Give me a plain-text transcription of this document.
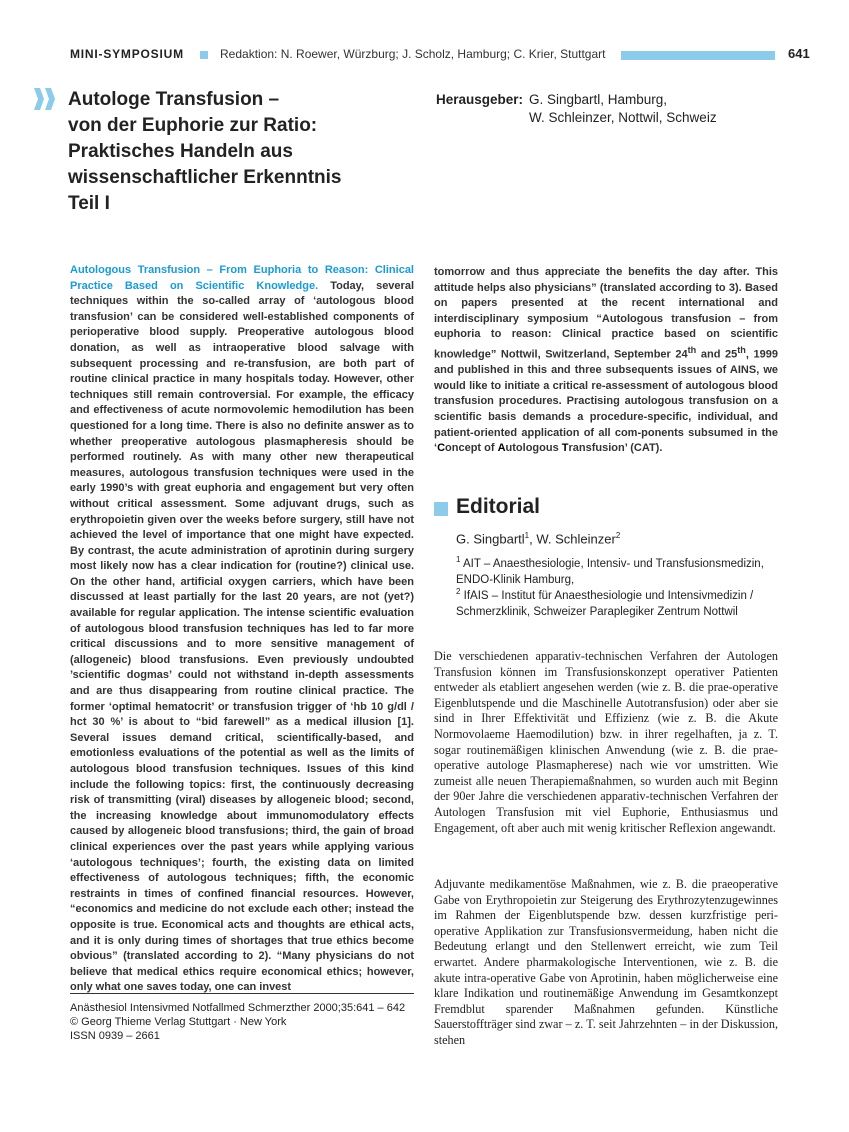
MINI-SYMPOSIUM	Redaktion: N. Roewer, Würzburg; J. Scholz, Hamburg; C. Krier, Stuttgart	641
Autologe Transfusion –
von der Euphorie zur Ratio:
Praktisches Handeln aus
wissenschaftlicher Erkenntnis
Teil I
Herausgeber: G. Singbartl, Hamburg,
W. Schleinzer, Nottwil, Schweiz

Autologous Transfusion – From Euphoria to Reason: Clinical Practice Based on Scientific Knowledge. Today, several techniques within the so-called array of ‘autologous blood transfusion’ can be considered well-established components of perioperative blood supply. Preoperative autologous blood donation, as well as intraoperative blood salvage with subsequent processing and re-transfusion, are both part of routine clinical practice in many hospitals today. However, other techniques still remain controversial. For example, the efficacy and effectiveness of acute normovolemic hemodilution has been questioned for a long time. There is also no definite answer as to whether preoperative autologous plasmapheresis should be performed routinely. As with many other new therapeutical measures, autologous transfusion techniques were used in the early 1990’s with great euphoria and engagement but very often without critical assessment. Some adjuvant drugs, such as erythropoietin given over the weeks before surgery, still have not achieved the level of importance that one might have expected. By contrast, the acute administration of aprotinin during surgery most likely now has a clear indication for (routine?) clinical use. On the other hand, artificial oxygen carriers, which have been discussed at least partially for the last 20 years, are not (yet?) available for regular application. The intense scientific evaluation of autologous blood transfusion techniques has led to far more critical discussions and to more sensitive management of (allogeneic) blood transfusions. Even previously undoubted ’scientific dogmas’ could not withstand in-depth assessments and are thus disappearing from routine clinical practice. The former ‘optimal hematocrit’ or transfusion trigger of ‘hb 10 g/dl / hct 30 %’ is about to “bid farewell” as a medical illusion [1]. Several issues demand critical, scientifically-based, and emotionless evaluations of the potential as well as the limits of autologous blood transfusion techniques. Issues of this kind include the following topics: first, the continuously decreasing risk of transmitting (viral) diseases by allogeneic blood; second, the increasing knowledge about immunomodulatory effects caused by allogeneic blood transfusions; third, the gain of broad clinical experiences over the past years while applying various ‘autologous techniques’; fourth, the existing data on limited effectiveness of autologous techniques; fifth, the economic restraints in times of confined financial resources. However, “economics and medicine do not exclude each other; instead the opposite is true. Economical acts and thoughts are ethical acts, and it is only during times of shortages that true ethics become obvious” (translated according to 2). “Many physicians do not believe that medical ethics require economical ethics; however, only what one saves today, one can invest

Anästhesiol Intensivmed Notfallmed Schmerzther 2000;35:641 – 642
© Georg Thieme Verlag Stuttgart · New York
ISSN 0939 – 2661

tomorrow and thus appreciate the benefits the day after. This attitude helps also physicians” (translated according to 3). Based on papers presented at the recent international and interdisciplinary symposium “Autologous transfusion – from euphoria to reason: Clinical practice based on scientific knowledge” Nottwil, Switzerland, September 24th and 25th, 1999 and published in this and three subsequents issues of AINS, we would like to initiate a critical re-assessment of autologous blood transfusion procedures. Practising autologous transfusion on a scientific basis demands a procedure-specific, individual, and patient-oriented application of all com-ponents subsumed in the ‘Concept of Autologous Transfusion’ (CAT).

Editorial
G. Singbartl$^1$, W. Schleinzer$^2$
$^1$ AIT – Anaesthesiologie, Intensiv- und Transfusionsmedizin, ENDO-Klinik Hamburg,
$^2$ IfAIS – Institut für Anaesthesiologie und Intensivmedizin / Schmerzklinik, Schweizer Paraplegiker Zentrum Nottwil

Die verschiedenen apparativ-technischen Verfahren der Autologen Transfusion können im Transfusionskonzept operativer Patienten entweder als etabliert angesehen werden (wie z. B. die prae-operative Eigenblutspende und die Maschinelle Autotransfusion) oder aber sie sind in Ihrer Effektivität und Effizienz (wie z. B. die Akute Normovolaeme Haemodilution) bzw. in ihrer regelhaften, ja z. T. sogar routinemäßigen klinischen Anwendung (wie z. B. die prae-operative autologe Plasmapherese) nach wie vor umstritten. Wie zumeist alle neuen Therapiemaßnahmen, so wurden auch mit Beginn der 90er Jahre die verschiedenen apparativ-technischen Verfahren der Autologen Transfusion mit viel Euphorie, Enthusiasmus und Engagement, oft aber auch mit wenig kritischer Reflexion angewandt.

Adjuvante medikamentöse Maßnahmen, wie z. B. die praeoperative Gabe von Erythropoietin zur Steigerung des Erythrozytenzugewinnes im Rahmen der Eigenblutspende bzw. dessen kurzfristige peri-operative Applikation zur Transfusionsvermeidung, haben nicht die Bedeutung erlangt und den Stellenwert erreicht, wie zum Teil erwartet. Andere pharmakologische Interventionen, wie z. B. die akute intra-operative Gabe von Aprotinin, haben möglicherweise eine klare Indikation und routinemäßige Anwendung im Gesamtkonzept Fremdblut sparender Maßnahmen gefunden. Künstliche Sauerstoffträger sind zwar – z. T. seit Jahrzehnten – in der Diskussion, stehen
